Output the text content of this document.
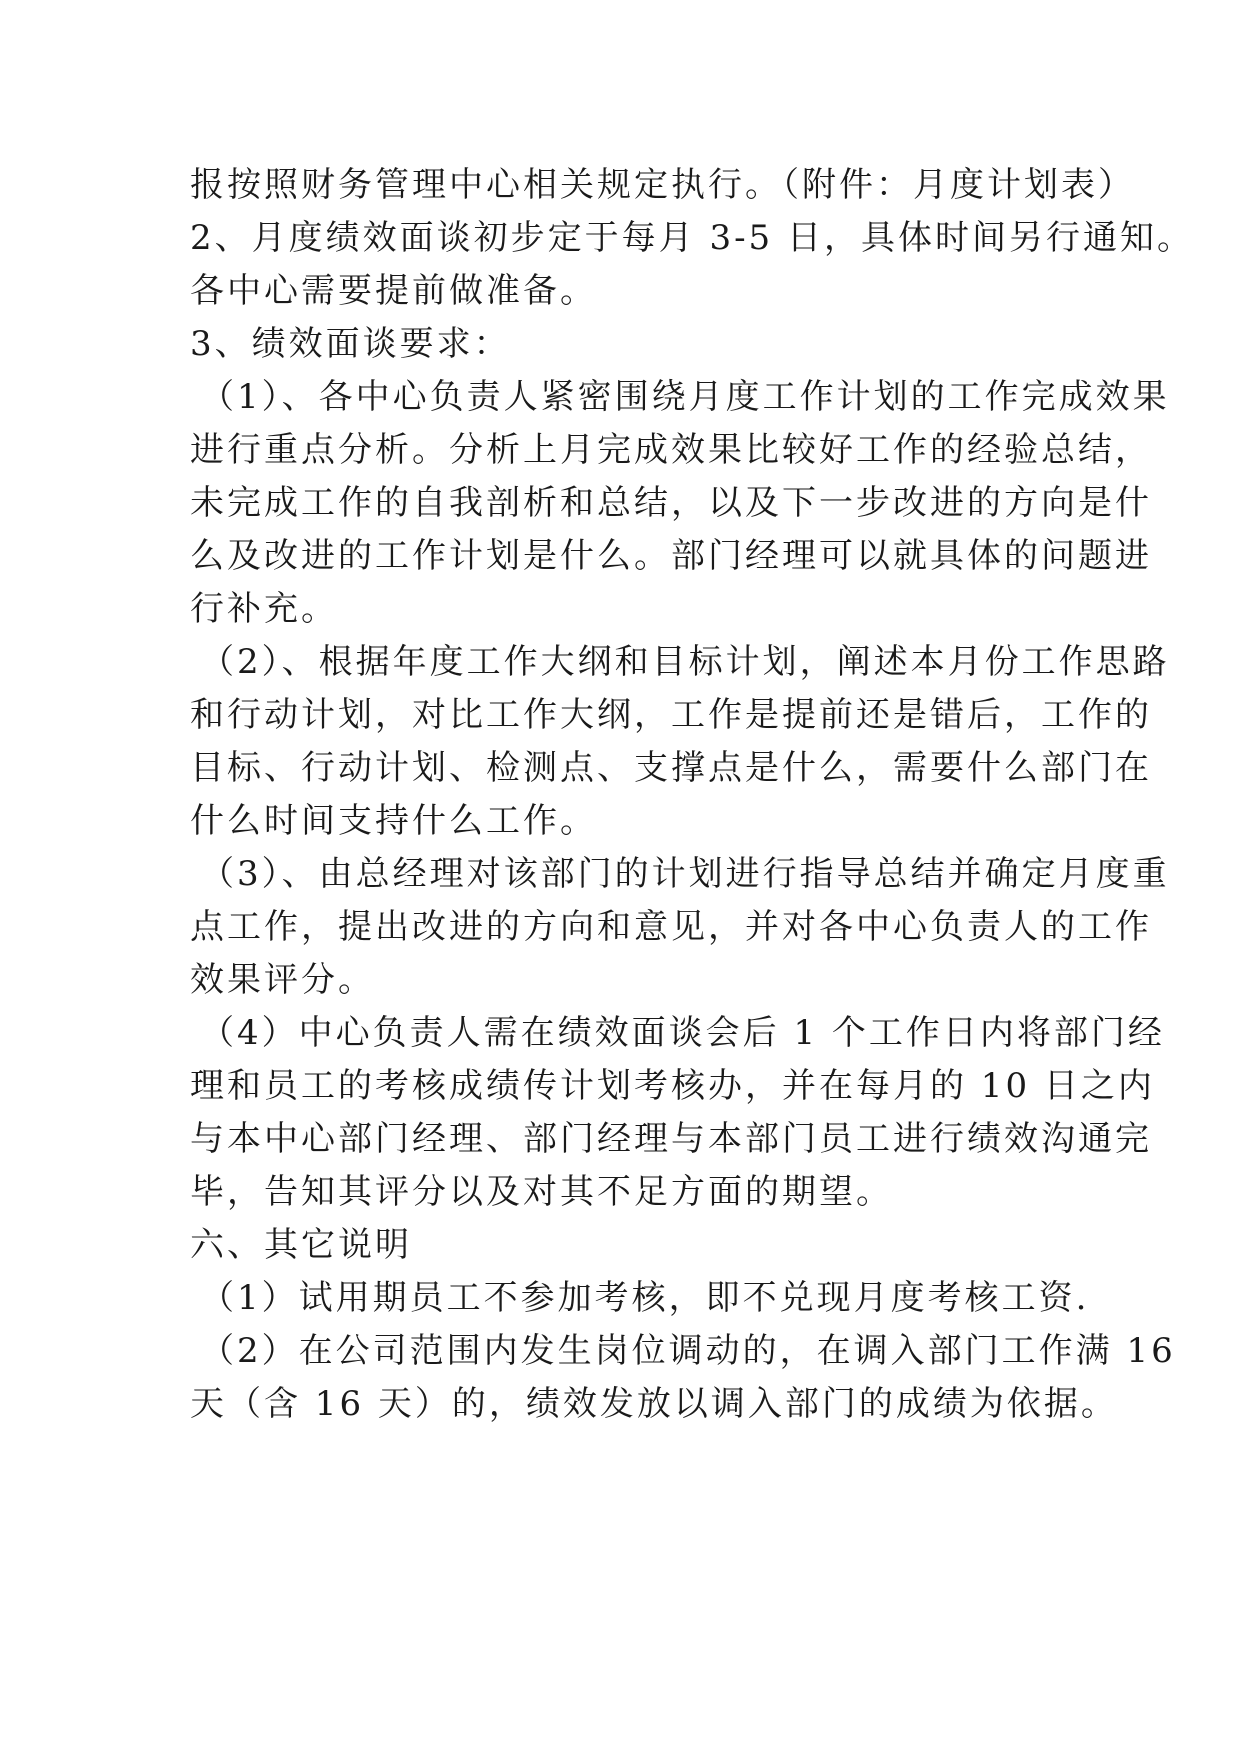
报按照财务管理中心相关规定执行。（附件：月度计划表）
2、月度绩效面谈初步定于每月 3-5 日，具体时间另行通知。
各中心需要提前做准备。
3、绩效面谈要求：
（1）、各中心负责人紧密围绕月度工作计划的工作完成效果
进行重点分析。分析上月完成效果比较好工作的经验总结，
未完成工作的自我剖析和总结，以及下一步改进的方向是什
么及改进的工作计划是什么。部门经理可以就具体的问题进
行补充。
（2）、根据年度工作大纲和目标计划，阐述本月份工作思路
和行动计划，对比工作大纲，工作是提前还是错后，工作的
目标、行动计划、检测点、支撑点是什么，需要什么部门在
什么时间支持什么工作。
（3）、由总经理对该部门的计划进行指导总结并确定月度重
点工作，提出改进的方向和意见，并对各中心负责人的工作
效果评分。
（4）中心负责人需在绩效面谈会后 1 个工作日内将部门经
理和员工的考核成绩传计划考核办，并在每月的 10 日之内
与本中心部门经理、部门经理与本部门员工进行绩效沟通完
毕，告知其评分以及对其不足方面的期望。
六、其它说明
（1）试用期员工不参加考核，即不兑现月度考核工资.
（2）在公司范围内发生岗位调动的，在调入部门工作满 16
天（含 16 天）的，绩效发放以调入部门的成绩为依据。
